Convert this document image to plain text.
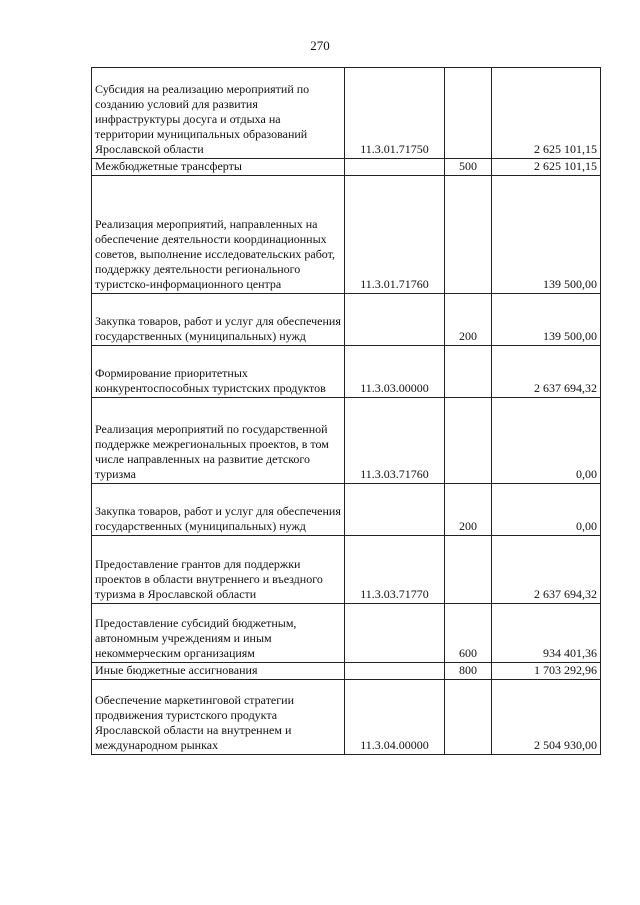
270
Субсидия на реализацию мероприятий по созданию условий для развития инфраструктуры досуга и отдыха на территории муниципальных образований Ярославской области	11.3.01.71750		2 625 101,15
Межбюджетные трансферты		500	2 625 101,15
Реализация мероприятий, направленных на обеспечение деятельности координационных советов, выполнение исследовательских работ, поддержку деятельности регионального туристско-информационного центра	11.3.01.71760		139 500,00
Закупка товаров, работ и услуг для обеспечения государственных (муниципальных) нужд		200	139 500,00
Формирование приоритетных конкурентоспособных туристских продуктов	11.3.03.00000		2 637 694,32
Реализация мероприятий по государственной поддержке межрегиональных проектов, в том числе направленных на развитие детского туризма	11.3.03.71760		0,00
Закупка товаров, работ и услуг для обеспечения государственных (муниципальных) нужд		200	0,00
Предоставление грантов для поддержки проектов в области внутреннего и въездного туризма в Ярославской области	11.3.03.71770		2 637 694,32
Предоставление субсидий бюджетным, автономным учреждениям и иным некоммерческим организациям		600	934 401,36
Иные бюджетные ассигнования		800	1 703 292,96
Обеспечение маркетинговой стратегии продвижения туристского продукта Ярославской области на внутреннем и международном рынках	11.3.04.00000		2 504 930,00
